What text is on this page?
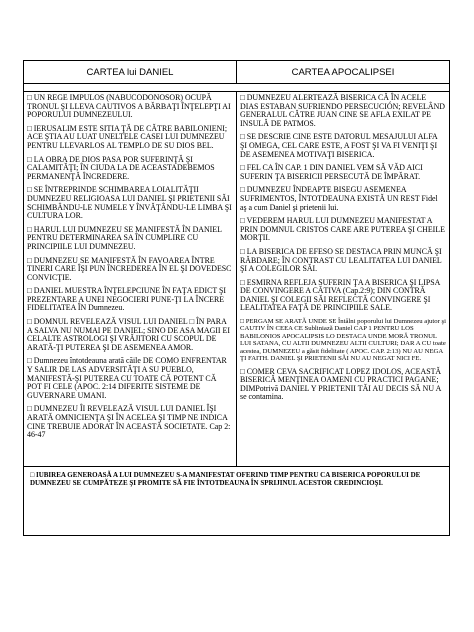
CARTEA lui DANIEL	CARTEA APOCALIPSEI

□ UN REGE IMPULOS (NABUCODONOSOR) OCUPĂ TRONUL ŞI LLEVA CAUTIVOS A BĂRBAŢI ÎNŢELEPŢI AI POPORULUI DUMNEZEULUI.

□ IERUSALIM ESTE SITIA ŢĂ DE CĂTRE BABILONIENI; ACE ŞTIA AU LUAT UNELTELE CASEI LUI DUMNEZEU PENTRU LLEVARLOS AL TEMPLO DE SU DIOS BEL.

□ LA OBRA DE DIOS PASA POR SUFERINŢĂ ŞI CALAMITĂŢI; ÎN CIUDA LA DE ACEASTADEBEMOS PERMANENŢĂ ÎNCREDERE.

□ SE ÎNTREPRINDE SCHIMBAREA LOIALITĂŢII DUMNEZEU RELIGIOASA LUI DANIEL ŞI PRIETENII SĂI SCHIMBÂNDU-LE NUMELE Y ÎNVĂŢÂNDU-LE LIMBA ŞI CULTURA LOR.

□ HARUL LUI DUMNEZEU SE MANIFESTĂ ÎN DANIEL PENTRU DETERMINAREA SA ÎN CUMPLIRE CU PRINCIPIILE LUI DUMNEZEU.

□ DUMNEZEU SE MANIFESTĂ ÎN FAVOAREA ÎNTRE TINERI CARE ÎŞI PUN ÎNCREDEREA ÎN EL ŞI DOVEDESC CONVICŢIE.

□ DANIEL MUESTRA ÎNŢELEPCIUNE ÎN FAŢA EDICT ŞI PREZENTARE A UNEI NEGOCIERI PUNE-ŢI LA ÎNCERE FIDELITATEA ÎN Dumnezeu.

□ DOMNUL REVELEAZĂ VISUL LUI DANIEL □ ÎN PARA A SALVA NU NUMAI PE DANIEL; SINO DE ASA MAGII EI CELALTE ASTROLOGI ŞI VRĂJITORI CU SCOPUL DE ARATĂ-ŢI PUTEREA ŞI DE ASEMENEA AMOR.

□ Dumnezeu întotdeauna arată căile DE COMO ENFRENTAR Y SALIR DE LAS ADVERSITĂŢI A SU PUEBLO, MANIFESTĂ-ŞI PUTEREA CU TOATE CĂ POTENT CĂ POT FI CELE (APOC. 2:14 DIFERITE SISTEME DE GUVERNARE UMANI.

□ DUMNEZEU ÎI REVELEAZĂ VISUL LUI DANIEL ÎŞI ARATĂ OMNICIENŢA ŞI ÎN ACELEA ŞI TIMP NE INDICA CINE TREBUIE ADORAT ÎN ACEASTĂ SOCIETATE. Cap 2: 46-47

□ DUMNEZEU ALERTEAZĂ BISERICA CĂ ÎN ACELE DIAS ESTABAN SUFRIENDO PERSECUCIÓN; REVELÂND GENERALUL CĂTRE JUAN CINE SE AFLA EXILAT PE INSULĂ DE PATMOS.

□ SE DESCRIE CINE ESTE DATORUL MESAJULUI ALFA ŞI OMEGA, CEL CARE ESTE, A FOST ŞI VA FI VENIŢI ŞI DE ASEMENEA MOTIVAŢI BISERICA.

□ FEL CA ÎN CAP. 1 DIN DANIEL VEM SĂ VĂD AICI SUFERIN ŢA BISERICII PERSECUTĂ DE ÎMPĂRAT.

□ DUMNEZEU ÎNDEAPTE BISEGU ASEMENEA SUFRIMENTOS, ÎNTOTDEAUNA EXISTĂ UN REST Fidel aş a cum Daniel şi prietenii lui.

□ VEDEREM HARUL LUI DUMNEZEU MANIFESTAT A PRIN DOMNUL CRISTOS CARE ARE PUTEREA ŞI CHEILE MORŢII.

□ LA BISERICA DE EFESO SE DESTACA PRIN MUNCĂ ŞI RĂBDARE; ÎN CONTRAST CU LEALITATEA LUI DANIEL ŞI A COLEGILOR SĂI.

□ ESMIRNA REFLEJA SUFERIN ŢA A BISERICA ŞI LIPSA DE CONVINGERE A CĂTIVA (Cap.2:9); DIN CONTRĂ DANIEL ŞI COLEGII SĂI REFLECTĂ CONVINGERE ŞI LEALITATEA FAŢĂ DE PRINCIPIILE SALE.

□ PERGAM SE ARATĂ UNDE SE Întâlni poporului lui Dumnezeu ajutor şi CAUTIV ÎN CEEA CE Subliniază Daniel CAP 1 PENTRU LOS BABILONIOS APOCALIPSIS LO DESTACA UNDE MORĂ TRONUL LUI SATANA, CU ALTII DUMNEZEU ALTII CULTURI; DAR A CU toate acestea, DUMNEZEU a găsit fidelitate ( APOC. CAP. 2:13) NU AU NEGA ŢI FAITH. DANIEL ŞI PRIETENII SĂI NU AU NEGAT NICI FE.

□ COMER CEVA SACRIFICAT LOPEZ IDOLOS, ACEASTĂ BISERICĂ MENŢINEA OAMENI CU PRACTICI PAGANE; DIMPotrivă DANIEL Y PRIETENII TĂI AU DECIS SĂ NU A se contamina.

□ IUBIREA GENEROASĂ A LUI DUMNEZEU S-A MANIFESTAT OFERIND TIMP PENTRU CA BISERICA POPORULUI DE DUMNEZEU SE CUMPĂTEZE ŞI PROMITE SĂ FIE ÎNTOTDEAUNA ÎN SPRIJINUL ACESTOR CREDINCIOŞI.
